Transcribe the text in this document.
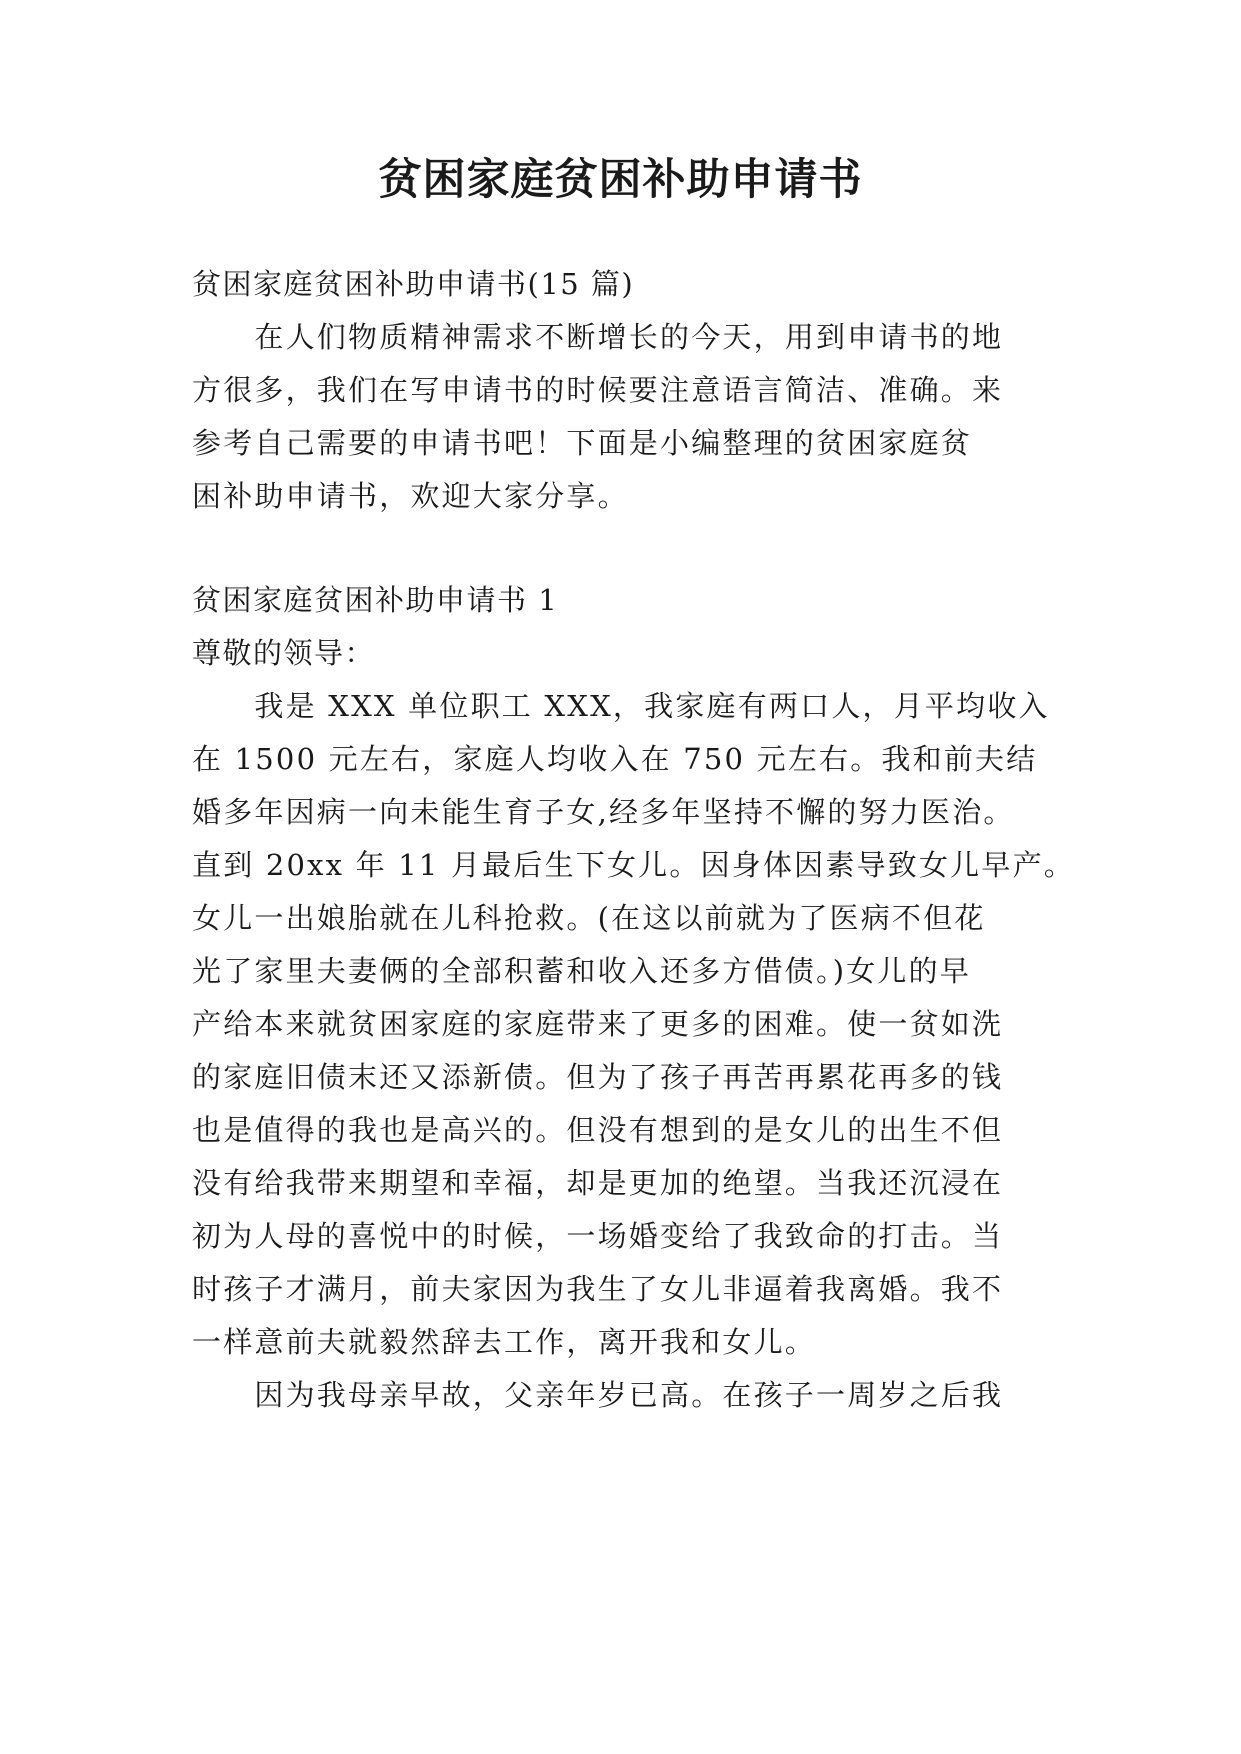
贫困家庭贫困补助申请书
贫困家庭贫困补助申请书(15 篇)
　　在人们物质精神需求不断增长的今天，用到申请书的地
方很多，我们在写申请书的时候要注意语言简洁、准确。来
参考自己需要的申请书吧！下面是小编整理的贫困家庭贫
困补助申请书，欢迎大家分享。
贫困家庭贫困补助申请书 1
尊敬的领导：
　　我是 XXX 单位职工 XXX，我家庭有两口人，月平均收入
在 1500 元左右，家庭人均收入在 750 元左右。我和前夫结
婚多年因病一向未能生育子女,经多年坚持不懈的努力医治。
直到 20xx 年 11 月最后生下女儿。因身体因素导致女儿早产。
女儿一出娘胎就在儿科抢救。(在这以前就为了医病不但花
光了家里夫妻俩的全部积蓄和收入还多方借债。)女儿的早
产给本来就贫困家庭的家庭带来了更多的困难。使一贫如洗
的家庭旧债末还又添新债。但为了孩子再苦再累花再多的钱
也是值得的我也是高兴的。但没有想到的是女儿的出生不但
没有给我带来期望和幸福，却是更加的绝望。当我还沉浸在
初为人母的喜悦中的时候，一场婚变给了我致命的打击。当
时孩子才满月，前夫家因为我生了女儿非逼着我离婚。我不
一样意前夫就毅然辞去工作，离开我和女儿。
　　因为我母亲早故，父亲年岁已高。在孩子一周岁之后我
